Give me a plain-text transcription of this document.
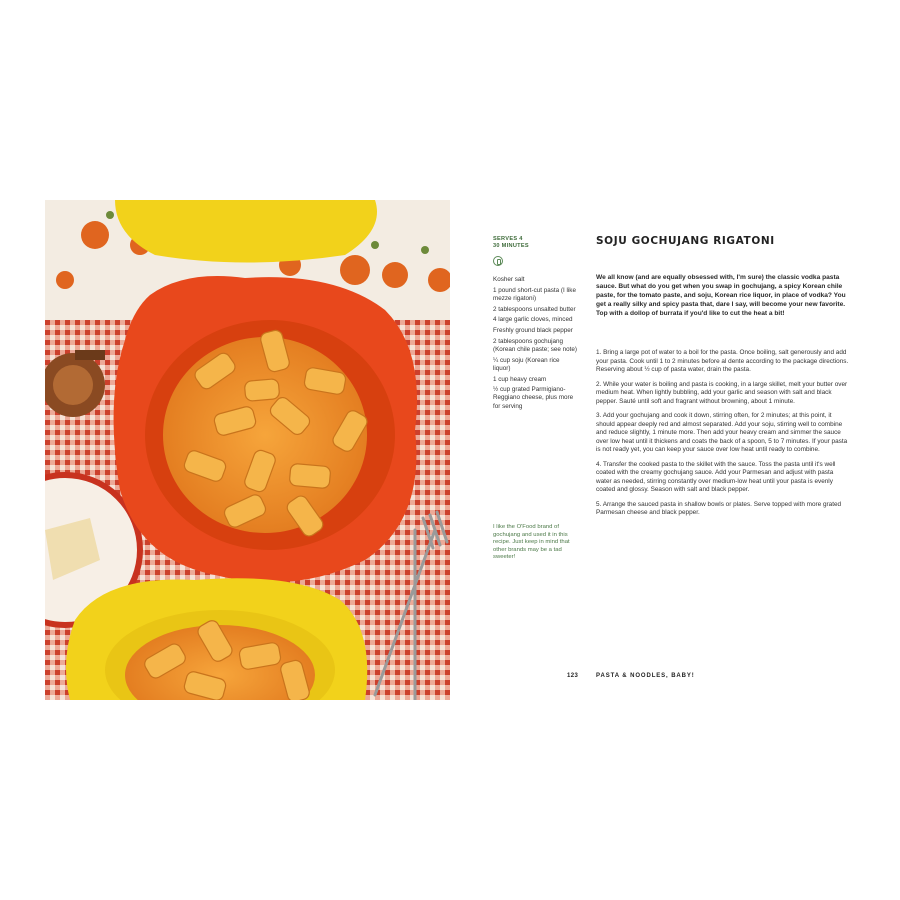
SERVES 4
30 MINUTES
Kosher salt
1 pound short-cut pasta (I like mezze rigatoni)
2 tablespoons unsalted butter
4 large garlic cloves, minced
Freshly ground black pepper
2 tablespoons gochujang (Korean chile paste; see note)
¼ cup soju (Korean rice liquor)
1 cup heavy cream
½ cup grated Parmigiano-Reggiano cheese, plus more for serving
I like the O'Food brand of gochujang and used it in this recipe. Just keep in mind that other brands may be a tad sweeter!
SOJU GOCHUJANG RIGATONI
We all know (and are equally obsessed with, I'm sure) the classic vodka pasta sauce. But what do you get when you swap in gochujang, a spicy Korean chile paste, for the tomato paste, and soju, Korean rice liquor, in place of vodka? You get a really silky and spicy pasta that, dare I say, will become your new favorite. Top with a dollop of burrata if you'd like to cut the heat a bit!
1. Bring a large pot of water to a boil for the pasta. Once boiling, salt generously and add your pasta. Cook until 1 to 2 minutes before al dente according to the package directions. Reserving about ½ cup of pasta water, drain the pasta.
2. While your water is boiling and pasta is cooking, in a large skillet, melt your butter over medium heat. When lightly bubbling, add your garlic and season with salt and black pepper. Sauté until soft and fragrant without browning, about 1 minute.
3. Add your gochujang and cook it down, stirring often, for 2 minutes; at this point, it should appear deeply red and almost separated. Add your soju, stirring well to combine and reduce slightly, 1 minute more. Then add your heavy cream and simmer the sauce over low heat until it thickens and coats the back of a spoon, 5 to 7 minutes. If your pasta is not ready yet, you can keep your sauce over low heat until ready to combine.
4. Transfer the cooked pasta to the skillet with the sauce. Toss the pasta until it's well coated with the creamy gochujang sauce. Add your Parmesan and adjust with pasta water as needed, stirring constantly over medium-low heat until your pasta is evenly coated and glossy. Season with salt and black pepper.
5. Arrange the sauced pasta in shallow bowls or plates. Serve topped with more grated Parmesan cheese and black pepper.
123	PASTA & NOODLES, BABY!
